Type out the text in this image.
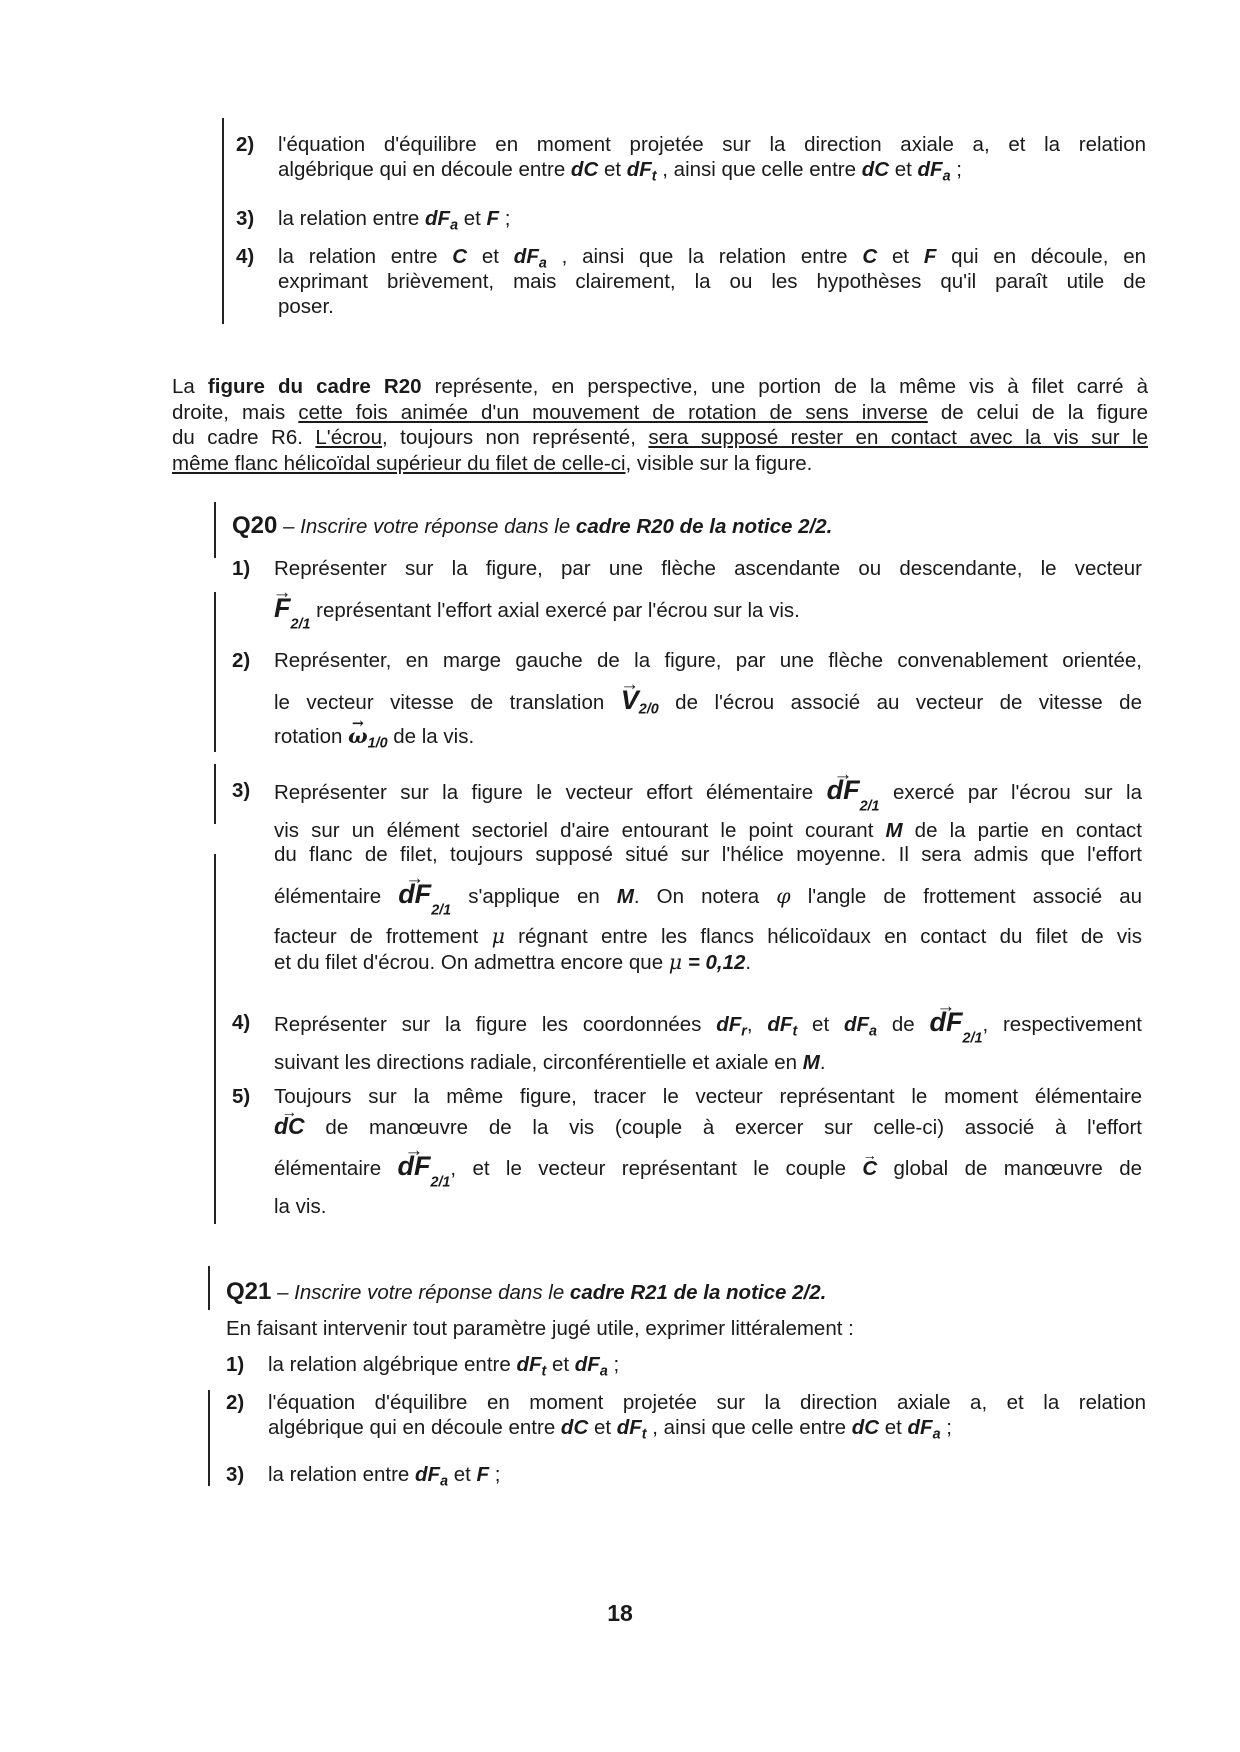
2) l'équation d'équilibre en moment projetée sur la direction axiale a, et la relation
algébrique qui en découle entre dC et $dF_t$ , ainsi que celle entre dC et $dF_a$ ;
3) la relation entre $dF_a$ et F ;
4) la relation entre C et $dF_a$ , ainsi que la relation entre C et F qui en découle, en
exprimant brièvement, mais clairement, la ou les hypothèses qu'il paraît utile de
poser.
La figure du cadre R20 représente, en perspective, une portion de la même vis à filet carré à
droite, mais cette fois animée d'un mouvement de rotation de sens inverse de celui de la figure
du cadre R6. L'écrou, toujours non représenté, sera supposé rester en contact avec la vis sur le
même flanc hélicoïdal supérieur du filet de celle-ci, visible sur la figure.
Q20 – Inscrire votre réponse dans le cadre R20 de la notice 2/2.
1) Représenter sur la figure, par une flèche ascendante ou descendante, le vecteur
→ $F_{2/1}$ représentant l'effort axial exercé par l'écrou sur la vis.
2) Représenter, en marge gauche de la figure, par une flèche convenablement orientée,
le vecteur vitesse de translation → $V_{2/0}$ de l'écrou associé au vecteur de vitesse de
rotation → $\omega_{1/0}$ de la vis.
3) Représenter sur la figure le vecteur effort élémentaire → $dF_{2/1}$ exercé par l'écrou sur la
vis sur un élément sectoriel d'aire entourant le point courant M de la partie en contact
du flanc de filet, toujours supposé situé sur l'hélice moyenne. Il sera admis que l'effort
élémentaire → $dF_{2/1}$ s'applique en M. On notera φ l'angle de frottement associé au
facteur de frottement μ régnant entre les flancs hélicoïdaux en contact du filet de vis
et du filet d'écrou. On admettra encore que μ = 0,12.
4) Représenter sur la figure les coordonnées $dF_r$, $dF_t$ et $dF_a$ de → $dF_{2/1}$, respectivement
suivant les directions radiale, circonférentielle et axiale en M.
5) Toujours sur la même figure, tracer le vecteur représentant le moment élémentaire
→ dC de manœuvre de la vis (couple à exercer sur celle-ci) associé à l'effort
élémentaire → $dF_{2/1}$, et le vecteur représentant le couple → C global de manœuvre de
la vis.
Q21 – Inscrire votre réponse dans le cadre R21 de la notice 2/2.
En faisant intervenir tout paramètre jugé utile, exprimer littéralement :
1) la relation algébrique entre $dF_t$ et $dF_a$ ;
2) l'équation d'équilibre en moment projetée sur la direction axiale a, et la relation
algébrique qui en découle entre dC et $dF_t$ , ainsi que celle entre dC et $dF_a$ ;
3) la relation entre $dF_a$ et F ;
18
